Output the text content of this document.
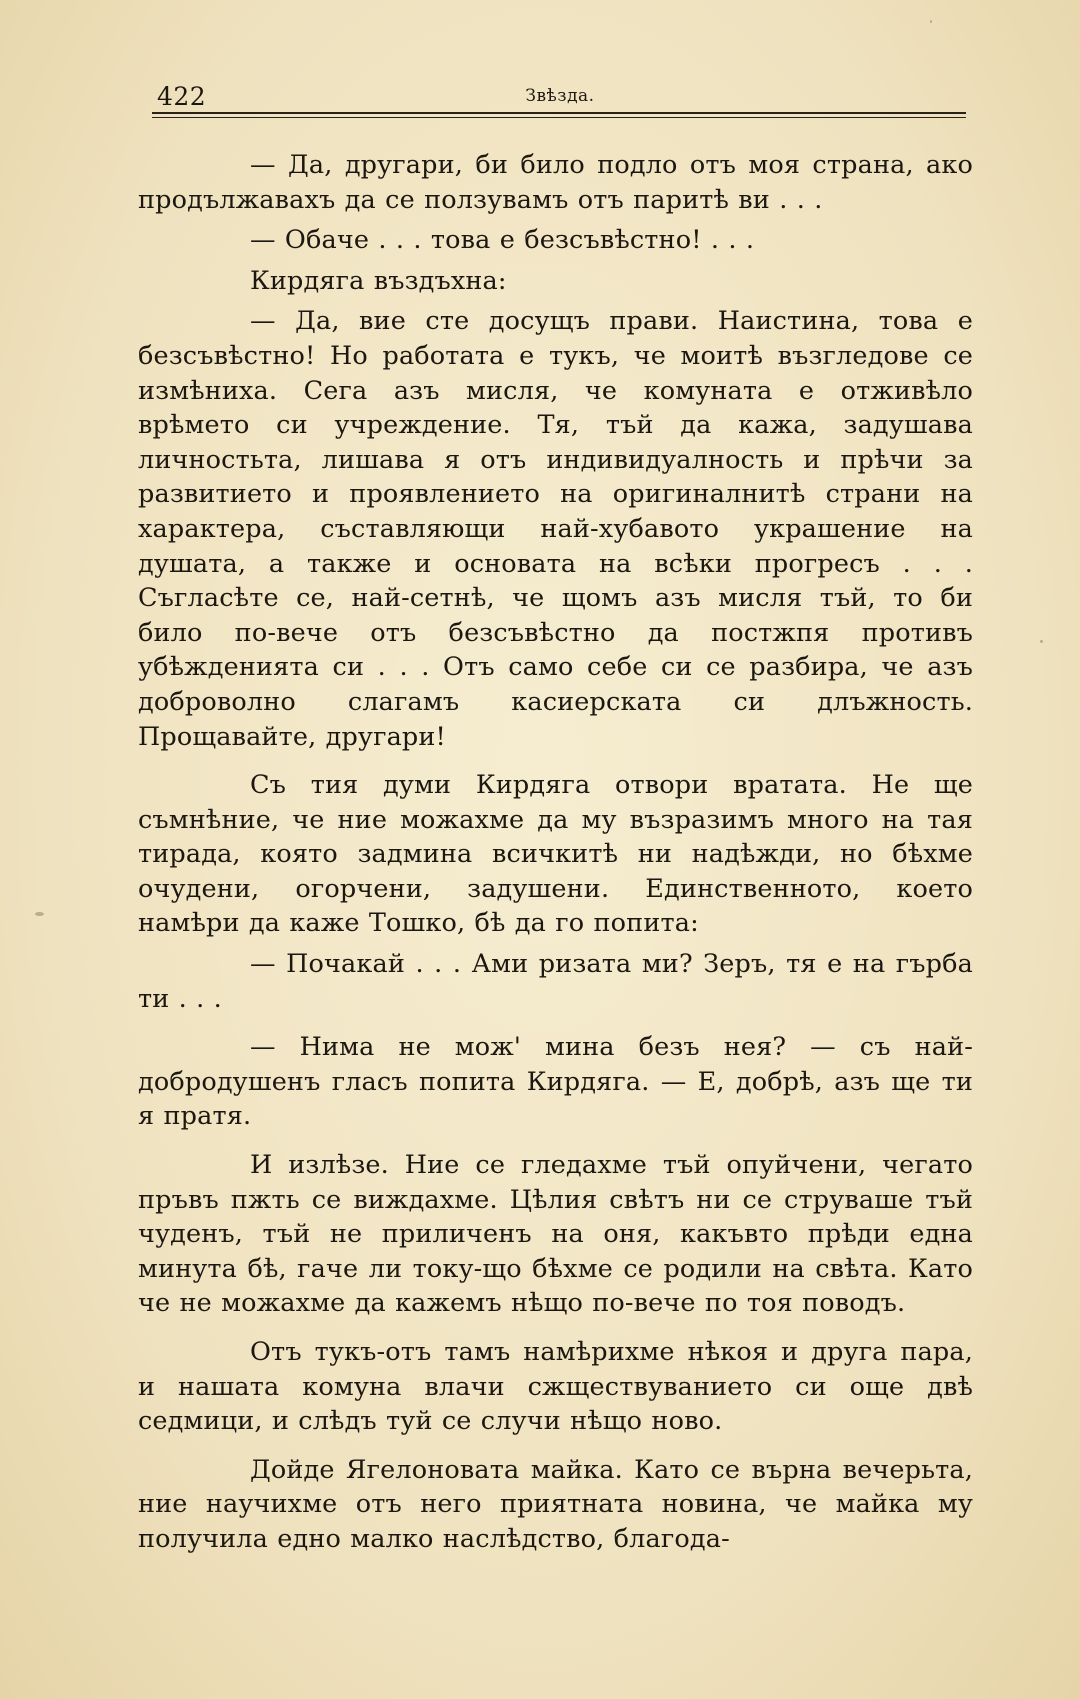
422	Звѣзда.

— Да, другари, би било подло отъ моя страна, ако продължавахъ да се ползувамъ отъ паритѣ ви . . .

— Обаче . . . това е безсъвѣстно! . . .

Кирдяга въздъхна:

— Да, вие сте досущъ прави. Наистина, това е безсъвѣстно! Но работата е тукъ, че моитѣ възгледове се измѣниха. Сега азъ мисля, че комуната е отживѣло врѣмето си учреждение. Тя, тъй да кажа, задушава личностьта, лишава я отъ индивидуалность и прѣчи за развитието и проявлението на оригиналнитѣ страни на характера, съставляющи най-хубавото украшение на душата, а также и основата на всѣки прогресъ . . . Съгласѣте се, най-сетнѣ, че щомъ азъ мисля тъй, то би било по-вече отъ безсъвѣстно да постжпя противъ убѣжденията си . . . Отъ само себе си се разбира, че азъ доброволно слагамъ касиерската си длъжность. Прощавайте, другари!

Съ тия думи Кирдяга отвори вратата. Не ще съмнѣние, че ние можахме да му възразимъ много на тая тирада, която задмина всичкитѣ ни надѣжди, но бѣхме очудени, огорчени, задушени. Единственното, което намѣри да каже Тошко, бѣ да го попита:

— Почакай . . . Ами ризата ми? Зеръ, тя е на гърба ти . . .

— Нима не мож' мина безъ нея? — съ най-добродушенъ гласъ попита Кирдяга. — Е, добрѣ, азъ ще ти я пратя.

И излѣзе. Ние се гледахме тъй опуйчени, чегато пръвъ пжть се виждахме. Цѣлия свѣтъ ни се струваше тъй чуденъ, тъй не приличенъ на оня, какъвто прѣди една минута бѣ, гаче ли току-що бѣхме се родили на свѣта. Като че не можахме да кажемъ нѣщо по-вече по тоя поводъ.

Отъ тукъ-отъ тамъ намѣрихме нѣкоя и друга пара, и нашата комуна влачи сжществуванието си още двѣ седмици, и слѣдъ туй се случи нѣщо ново.

Дойде Ягелоновата майка. Като се върна вечерьта, ние научихме отъ него приятната новина, че майка му получила едно малко наслѣдство, благода-
